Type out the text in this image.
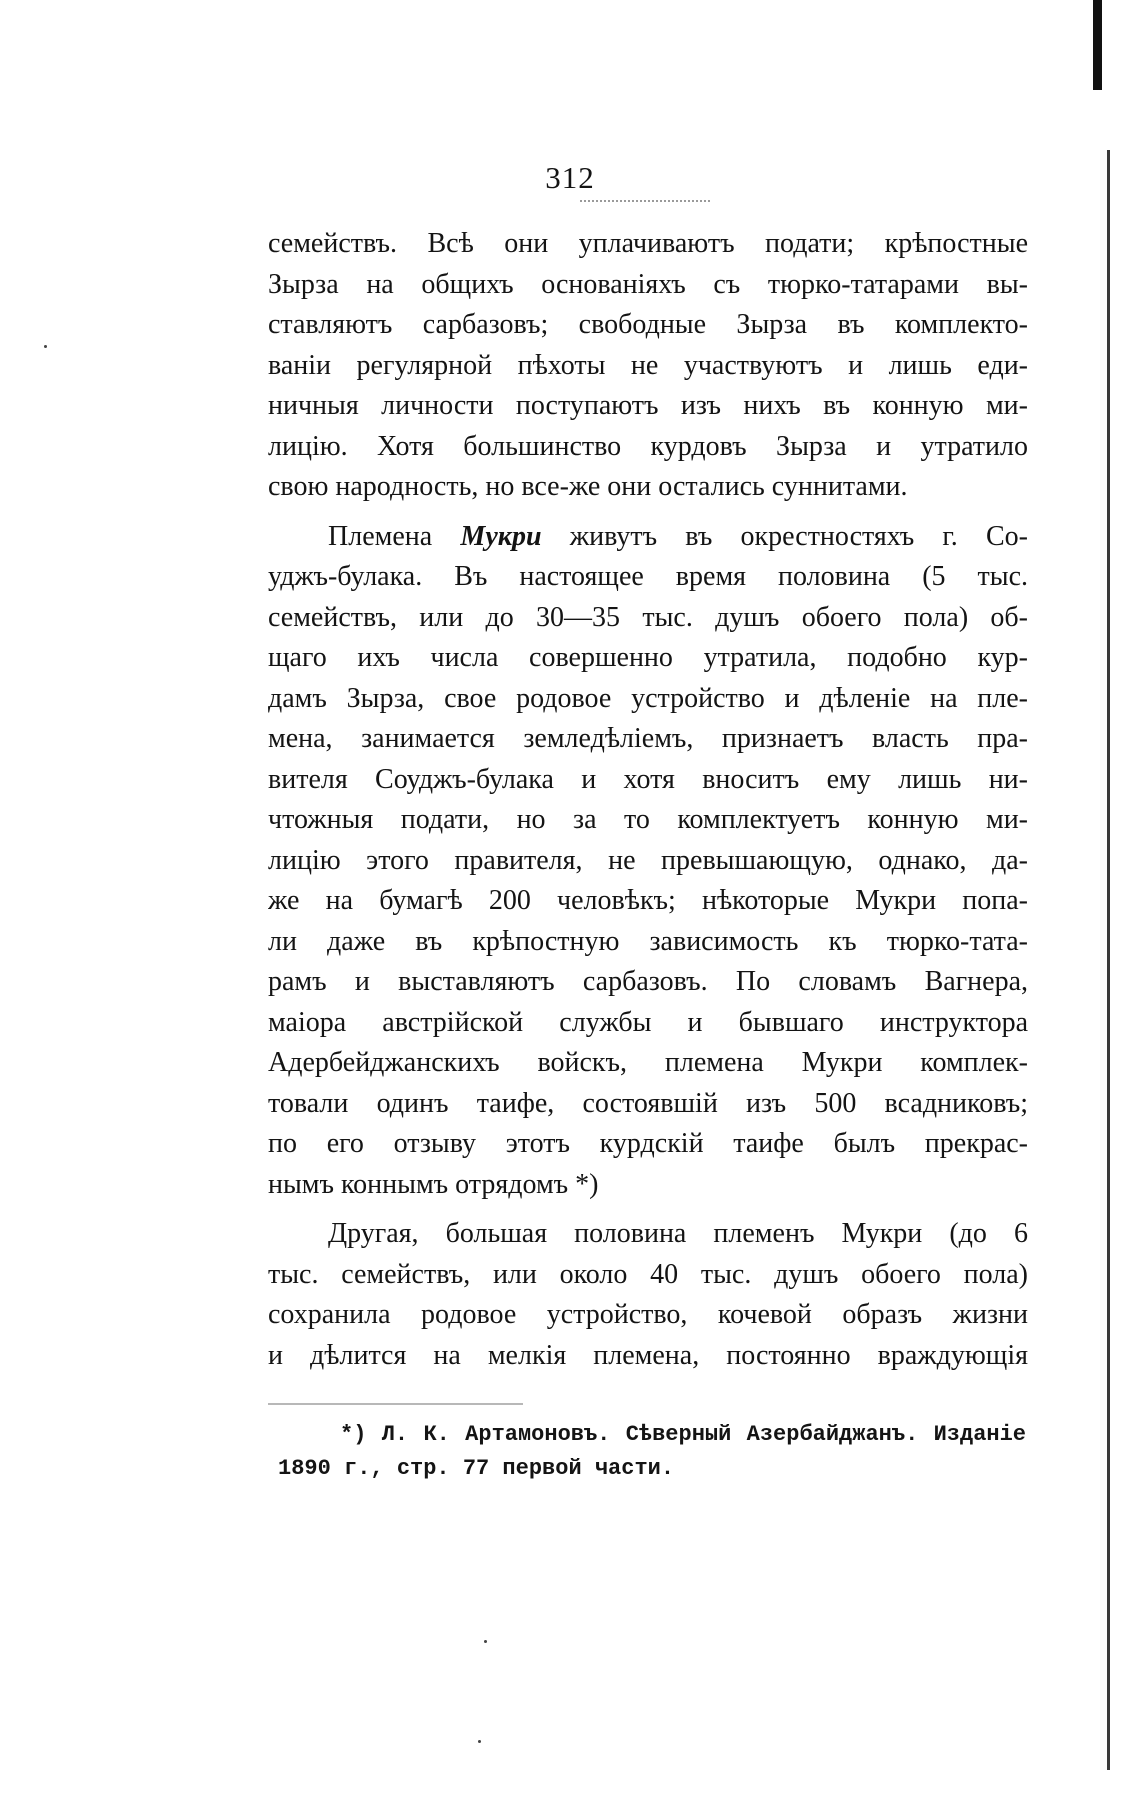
312
семействъ. Всѣ они уплачиваютъ подати; крѣпостные
Зырза на общихъ основаніяхъ съ тюрко-татарами вы-
ставляютъ сарбазовъ; свободные Зырза въ комплекто-
ваніи регулярной пѣхоты не участвуютъ и лишь еди-
ничныя личности поступаютъ изъ нихъ въ конную ми-
лицію. Хотя большинство курдовъ Зырза и утратило
свою народность, но все-же они остались суннитами.
Племена Мукри живутъ въ окрестностяхъ г. Со-
уджъ-булака. Въ настоящее время половина (5 тыс.
семействъ, или до 30—35 тыс. душъ обоего пола) об-
щаго ихъ числа совершенно утратила, подобно кур-
дамъ Зырза, свое родовое устройство и дѣленіе на пле-
мена, занимается земледѣліемъ, признаетъ власть пра-
вителя Соуджъ-булака и хотя вноситъ ему лишь ни-
чтожныя подати, но за то комплектуетъ конную ми-
лицію этого правителя, не превышающую, однако, да-
же на бумагѣ 200 человѣкъ; нѣкоторые Мукри попа-
ли даже въ крѣпостную зависимость къ тюрко-тата-
рамъ и выставляютъ сарбазовъ. По словамъ Вагнера,
маіора австрійской службы и бывшаго инструктора
Адербейджанскихъ войскъ, племена Мукри комплек-
товали одинъ таифе, состоявшій изъ 500 всадниковъ;
по его отзыву этотъ курдскій таифе былъ прекрас-
нымъ коннымъ отрядомъ *)
Другая, большая половина племенъ Мукри (до 6
тыс. семействъ, или около 40 тыс. душъ обоего пола)
сохранила родовое устройство, кочевой образъ жизни
и дѣлится на мелкія племена, постоянно враждующія
*) Л. К. Артамоновъ. Сѣверный Азербайджанъ. Изданіе
1890 г., стр. 77 первой части.
